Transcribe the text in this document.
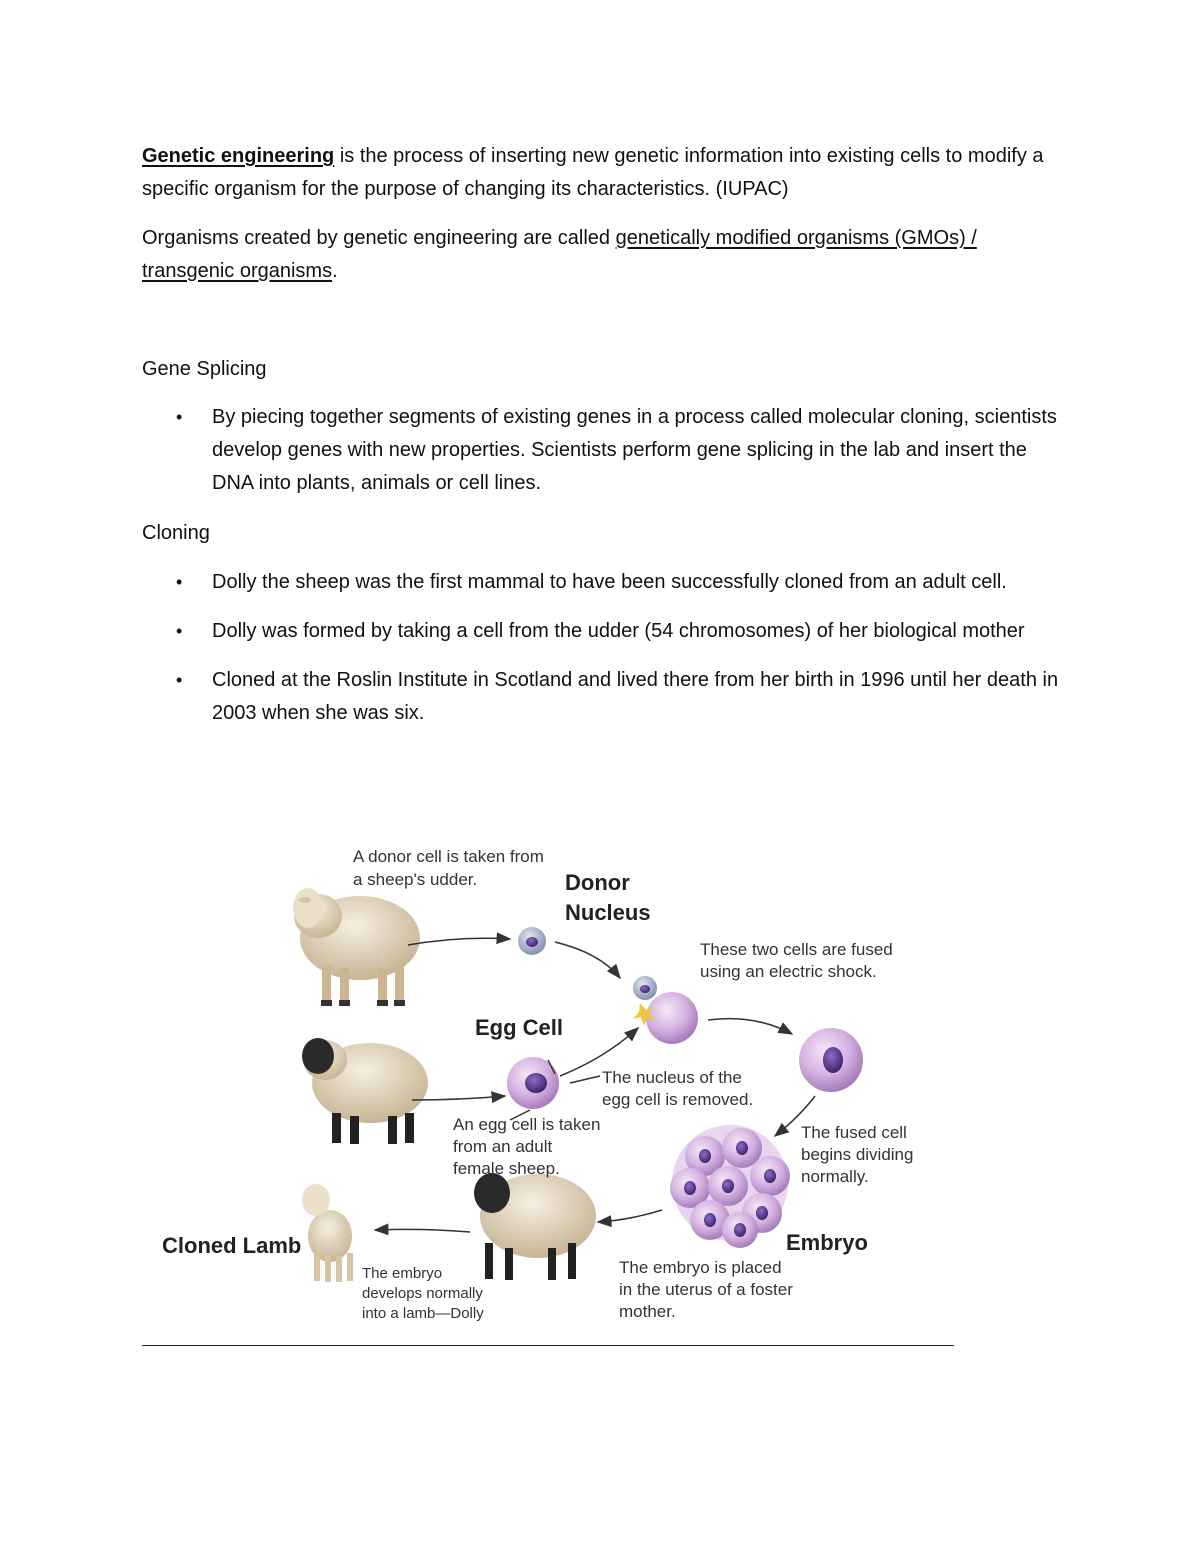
Genetic engineering is the process of inserting new genetic information into existing cells to modify a specific organism for the purpose of changing its characteristics. (IUPAC)

Organisms created by genetic engineering are called genetically modified organisms (GMOs) / transgenic organisms.

Gene Splicing

• By piecing together segments of existing genes in a process called molecular cloning, scientists develop genes with new properties. Scientists perform gene splicing in the lab and insert the DNA into plants, animals or cell lines.

Cloning

• Dolly the sheep was the first mammal to have been successfully cloned from an adult cell.
• Dolly was formed by taking a cell from the udder (54 chromosomes) of her biological mother
• Cloned at the Roslin Institute in Scotland and lived there from her birth in 1996 until her death in 2003 when she was six.
A donor cell is taken from a sheep's udder.	Donor Nucleus
These two cells are fused using an electric shock.
Egg Cell
The nucleus of the egg cell is removed.
An egg cell is taken from an adult female sheep.
The fused cell begins dividing normally.
Cloned Lamb	Embryo
The embryo develops normally into a lamb—Dolly
The embryo is placed in the uterus of a foster mother.
